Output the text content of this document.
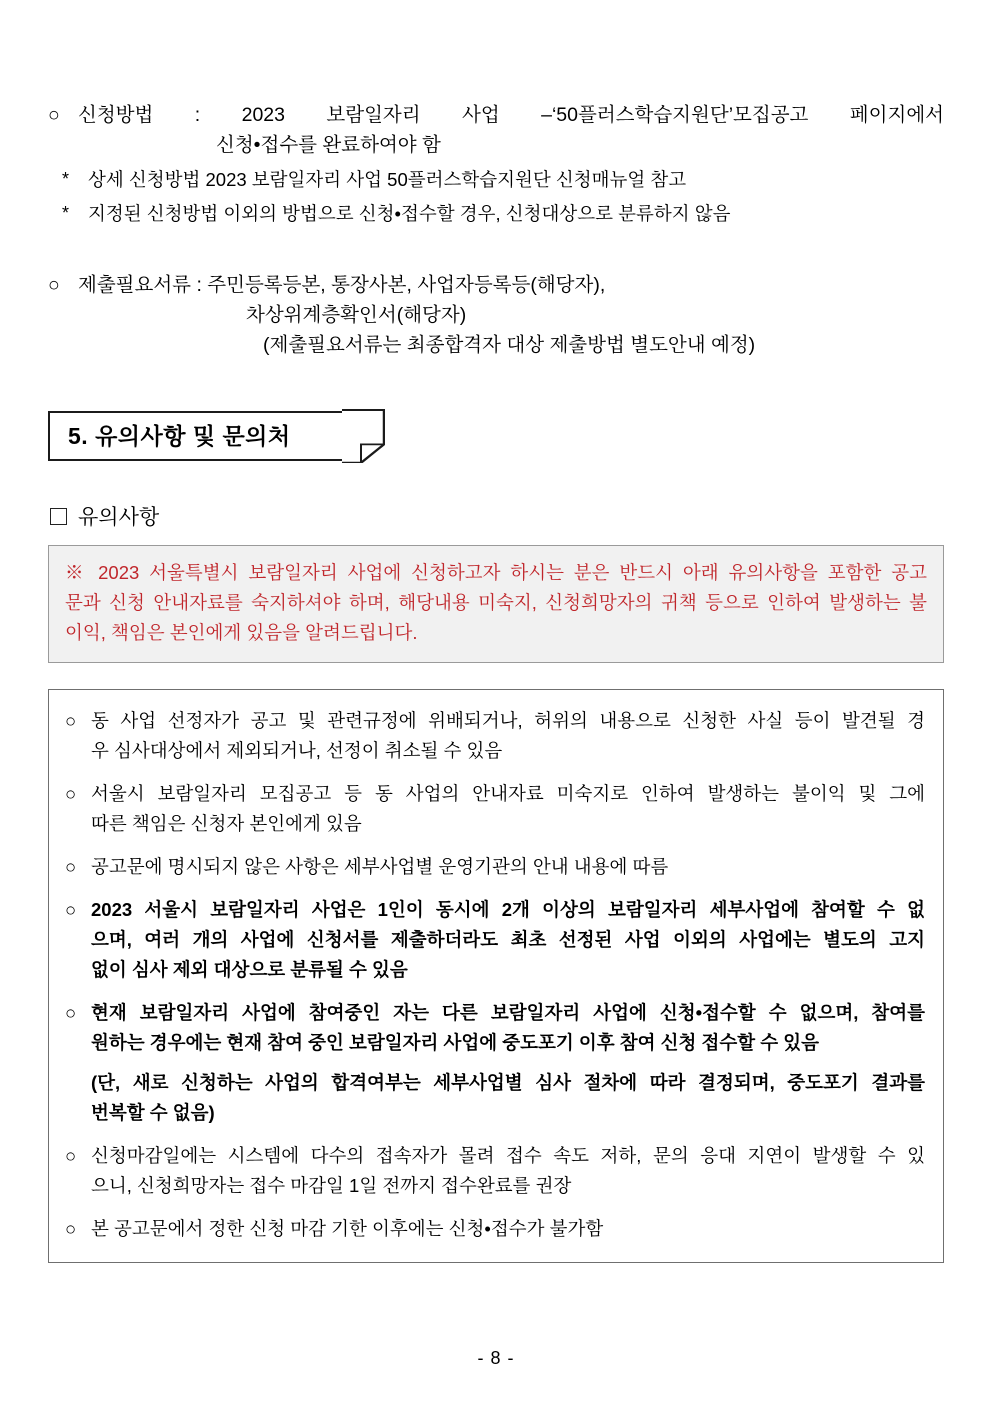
○ 신청방법 : 2023 보람일자리 사업 –‘50플러스학습지원단’모집공고 페이지에서
신청•접수를 완료하여야 함
*	상세 신청방법 2023 보람일자리 사업 50플러스학습지원단 신청매뉴얼 참고
*	지정된 신청방법 이외의 방법으로 신청•접수할 경우, 신청대상으로 분류하지 않음
○ 제출필요서류 : 주민등록등본, 통장사본, 사업자등록등(해당자),
차상위계층확인서(해당자)
(제출필요서류는 최종합격자 대상 제출방법 별도안내 예정)
5. 유의사항 및 문의처
유의사항
※ 2023 서울특별시 보람일자리 사업에 신청하고자 하시는 분은 반드시 아래 유의사항을 포함한 공고
문과 신청 안내자료를 숙지하셔야 하며, 해당내용 미숙지, 신청희망자의 귀책 등으로 인하여 발생하는 불
이익, 책임은 본인에게 있음을 알려드립니다.
○ 동 사업 선정자가 공고 및 관련규정에 위배되거나, 허위의 내용으로 신청한 사실 등이 발견될 경

우 심사대상에서 제외되거나, 선정이 취소될 수 있음

○ 서울시 보람일자리 모집공고 등 동 사업의 안내자료 미숙지로 인하여 발생하는 불이익 및 그에

따른 책임은 신청자 본인에게 있음

○ 공고문에 명시되지 않은 사항은 세부사업별 운영기관의 안내 내용에 따름

○ 2023 서울시 보람일자리 사업은 1인이 동시에 2개 이상의 보람일자리 세부사업에 참여할 수 없

으며, 여러 개의 사업에 신청서를 제출하더라도 최초 선정된 사업 이외의 사업에는 별도의 고지

없이 심사 제외 대상으로 분류될 수 있음

○ 현재 보람일자리 사업에 참여중인 자는 다른 보람일자리 사업에 신청•접수할 수 없으며, 참여를

원하는 경우에는 현재 참여 중인 보람일자리 사업에 중도포기 이후 참여 신청 접수할 수 있음

(단, 새로 신청하는 사업의 합격여부는 세부사업별 심사 절차에 따라 결정되며, 중도포기 결과를

번복할 수 없음)

○ 신청마감일에는 시스템에 다수의 접속자가 몰려 접수 속도 저하, 문의 응대 지연이 발생할 수 있

으니, 신청희망자는 접수 마감일 1일 전까지 접수완료를 권장

○ 본 공고문에서 정한 신청 마감 기한 이후에는 신청•접수가 불가함

- 8 -
